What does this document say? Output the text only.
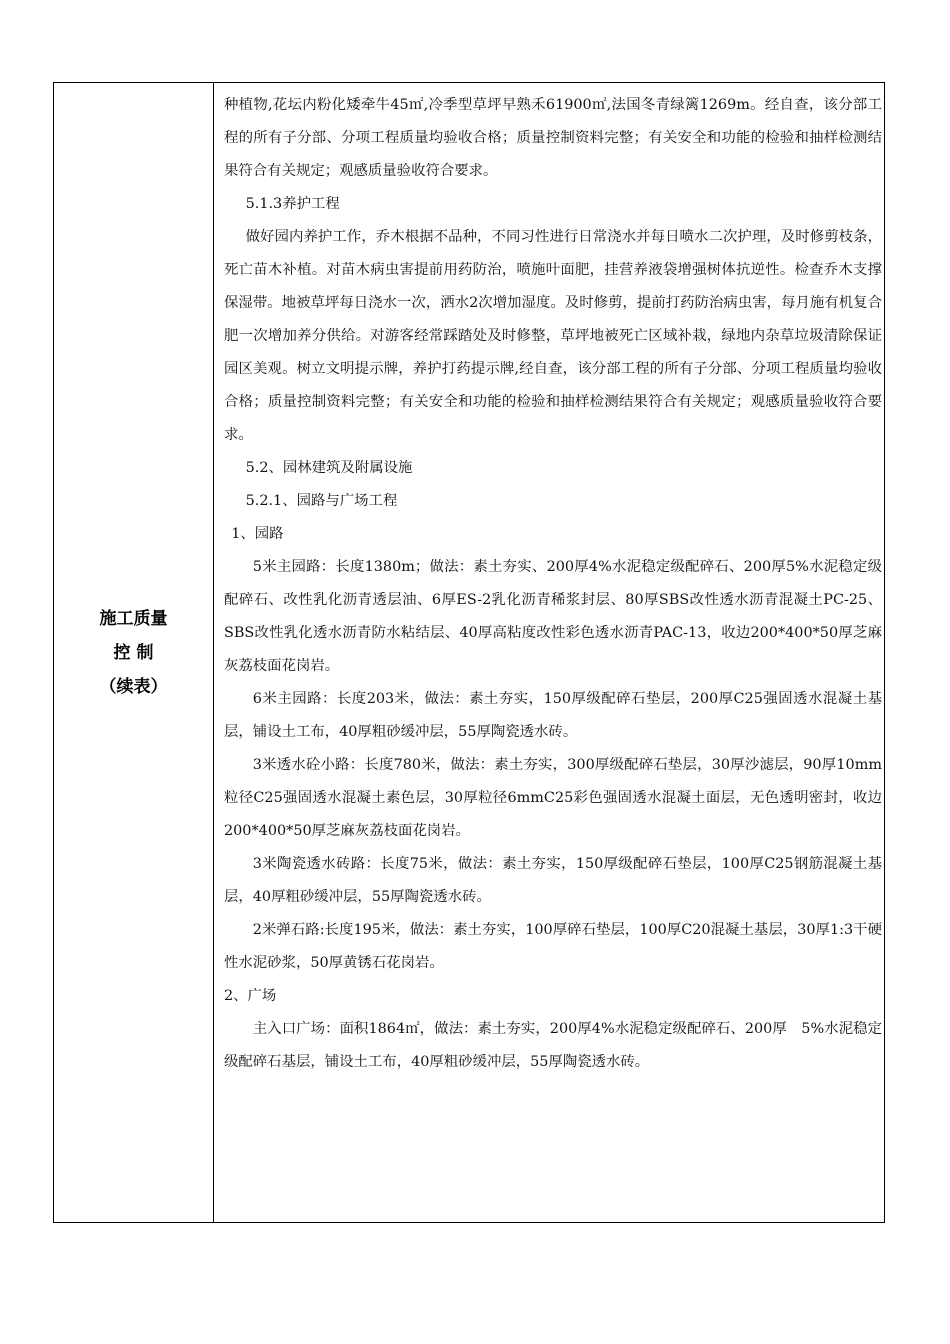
施工质量
控 制
（续表）

种植物,花坛内粉化矮牵牛45㎡,冷季型草坪早熟禾61900㎡,法国冬青绿篱1269m。经自查，该分部工程的所有子分部、分项工程质量均验收合格；质量控制资料完整；有关安全和功能的检验和抽样检测结果符合有关规定；观感质量验收符合要求。

5.1.3养护工程

做好园内养护工作，乔木根据不品种，不同习性进行日常浇水并每日喷水二次护理，及时修剪枝条，死亡苗木补植。对苗木病虫害提前用药防治，喷施叶面肥，挂营养液袋增强树体抗逆性。检查乔木支撑保湿带。地被草坪每日浇水一次，洒水2次增加湿度。及时修剪，提前打药防治病虫害，每月施有机复合肥一次增加养分供给。对游客经常踩踏处及时修整，草坪地被死亡区域补栽，绿地内杂草垃圾清除保证园区美观。树立文明提示牌，养护打药提示牌,经自查，该分部工程的所有子分部、分项工程质量均验收合格；质量控制资料完整；有关安全和功能的检验和抽样检测结果符合有关规定；观感质量验收符合要求。

5.2、园林建筑及附属设施

5.2.1、园路与广场工程

1、园路

5米主园路：长度1380m；做法：素土夯实、200厚4%水泥稳定级配碎石、200厚5%水泥稳定级配碎石、改性乳化沥青透层油、6厚ES-2乳化沥青稀浆封层、80厚SBS改性透水沥青混凝土PC-25、SBS改性乳化透水沥青防水粘结层、40厚高粘度改性彩色透水沥青PAC-13，收边200*400*50厚芝麻灰荔枝面花岗岩。

6米主园路：长度203米，做法：素土夯实，150厚级配碎石垫层，200厚C25强固透水混凝土基层，铺设土工布，40厚粗砂缓冲层，55厚陶瓷透水砖。

3米透水砼小路：长度780米，做法：素土夯实，300厚级配碎石垫层，30厚沙滤层，90厚10mm粒径C25强固透水混凝土素色层，30厚粒径6mmC25彩色强固透水混凝土面层，无色透明密封，收边200*400*50厚芝麻灰荔枝面花岗岩。

3米陶瓷透水砖路：长度75米，做法：素土夯实，150厚级配碎石垫层，100厚C25钢筋混凝土基层，40厚粗砂缓冲层，55厚陶瓷透水砖。

2米弹石路:长度195米，做法：素土夯实，100厚碎石垫层，100厚C20混凝土基层，30厚1:3干硬性水泥砂浆，50厚黄锈石花岗岩。

2、广场

主入口广场：面积1864㎡，做法：素土夯实，200厚4%水泥稳定级配碎石、200厚　5%水泥稳定级配碎石基层，铺设土工布，40厚粗砂缓冲层，55厚陶瓷透水砖。
